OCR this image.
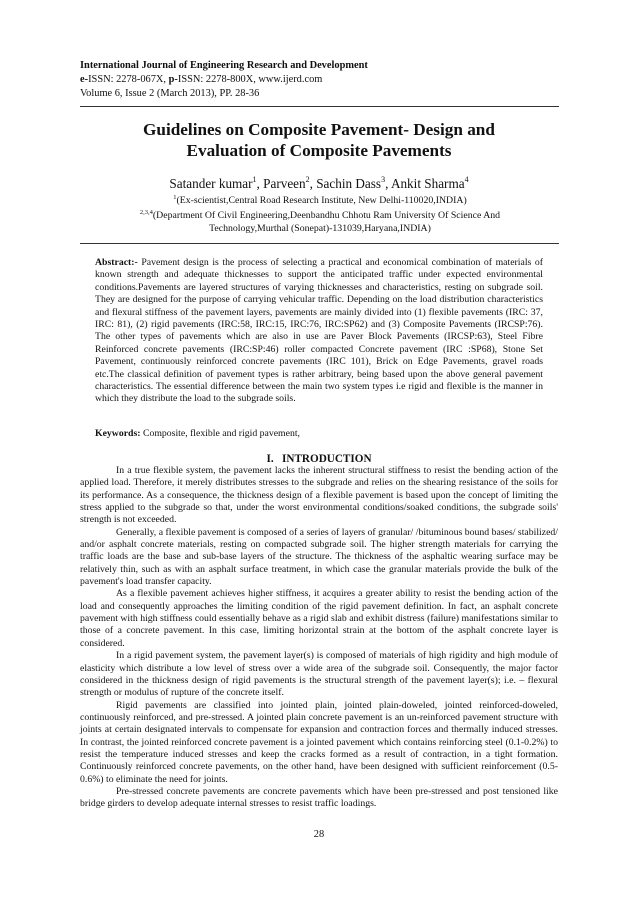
International Journal of Engineering Research and Development
e-ISSN: 2278-067X, p-ISSN: 2278-800X, www.ijerd.com
Volume 6, Issue 2 (March 2013), PP. 28-36
Guidelines on Composite Pavement- Design and
Evaluation of Composite Pavements
Satander kumar$^1$, Parveen$^2$, Sachin Dass$^3$, Ankit Sharma$^4$
$^1$(Ex-scientist,Central Road Research Institute, New Delhi-110020,INDIA)
$^{2,3,4}$(Department Of Civil Engineering,Deenbandhu Chhotu Ram University Of Science And
Technology,Murthal (Sonepat)-131039,Haryana,INDIA)
Abstract:- Pavement design is the process of selecting a practical and economical combination of materials of known strength and adequate thicknesses to support the anticipated traffic under expected environmental conditions.Pavements are layered structures of varying thicknesses and characteristics, resting on subgrade soil. They are designed for the purpose of carrying vehicular traffic. Depending on the load distribution characteristics and flexural stiffness of the pavement layers, pavements are mainly divided into (1) flexible pavements (IRC: 37, IRC: 81), (2) rigid pavements (IRC:58, IRC:15, IRC:76, IRC:SP62) and (3) Composite Pavements (IRCSP:76). The other types of pavements which are also in use are Paver Block Pavements (IRCSP:63), Steel Fibre Reinforced concrete pavements (IRC:SP:46) roller compacted Concrete pavement (IRC :SP68), Stone Set Pavement, continuously reinforced concrete pavements (IRC 101), Brick on Edge Pavements, gravel roads etc.The classical definition of pavement types is rather arbitrary, being based upon the above general pavement characteristics. The essential difference between the main two system types i.e rigid and flexible is the manner in which they distribute the load to the subgrade soils.
Keywords: Composite, flexible and rigid pavement,
I. INTRODUCTION

In a true flexible system, the pavement lacks the inherent structural stiffness to resist the bending action of the applied load. Therefore, it merely distributes stresses to the subgrade and relies on the shearing resistance of the soils for its performance. As a consequence, the thickness design of a flexible pavement is based upon the concept of limiting the stress applied to the subgrade so that, under the worst environmental conditions/soaked conditions, the subgrade soils' strength is not exceeded.

Generally, a flexible pavement is composed of a series of layers of granular/ /bituminous bound bases/ stabilized/ and/or asphalt concrete materials, resting on compacted subgrade soil. The higher strength materials for carrying the traffic loads are the base and sub-base layers of the structure. The thickness of the asphaltic wearing surface may be relatively thin, such as with an asphalt surface treatment, in which case the granular materials provide the bulk of the pavement's load transfer capacity.

As a flexible pavement achieves higher stiffness, it acquires a greater ability to resist the bending action of the load and consequently approaches the limiting condition of the rigid pavement definition. In fact, an asphalt concrete pavement with high stiffness could essentially behave as a rigid slab and exhibit distress (failure) manifestations similar to those of a concrete pavement. In this case, limiting horizontal strain at the bottom of the asphalt concrete layer is considered.

In a rigid pavement system, the pavement layer(s) is composed of materials of high rigidity and high module of elasticity which distribute a low level of stress over a wide area of the subgrade soil. Consequently, the major factor considered in the thickness design of rigid pavements is the structural strength of the pavement layer(s); i.e. – flexural strength or modulus of rupture of the concrete itself.

Rigid pavements are classified into jointed plain, jointed plain-doweled, jointed reinforced-doweled, continuously reinforced, and pre-stressed. A jointed plain concrete pavement is an un-reinforced pavement structure with joints at certain designated intervals to compensate for expansion and contraction forces and thermally induced stresses. In contrast, the jointed reinforced concrete pavement is a jointed pavement which contains reinforcing steel (0.1-0.2%) to resist the temperature induced stresses and keep the cracks formed as a result of contraction, in a tight formation. Continuously reinforced concrete pavements, on the other hand, have been designed with sufficient reinforcement (0.5-0.6%) to eliminate the need for joints.

Pre-stressed concrete pavements are concrete pavements which have been pre-stressed and post tensioned like bridge girders to develop adequate internal stresses to resist traffic loadings.

28
